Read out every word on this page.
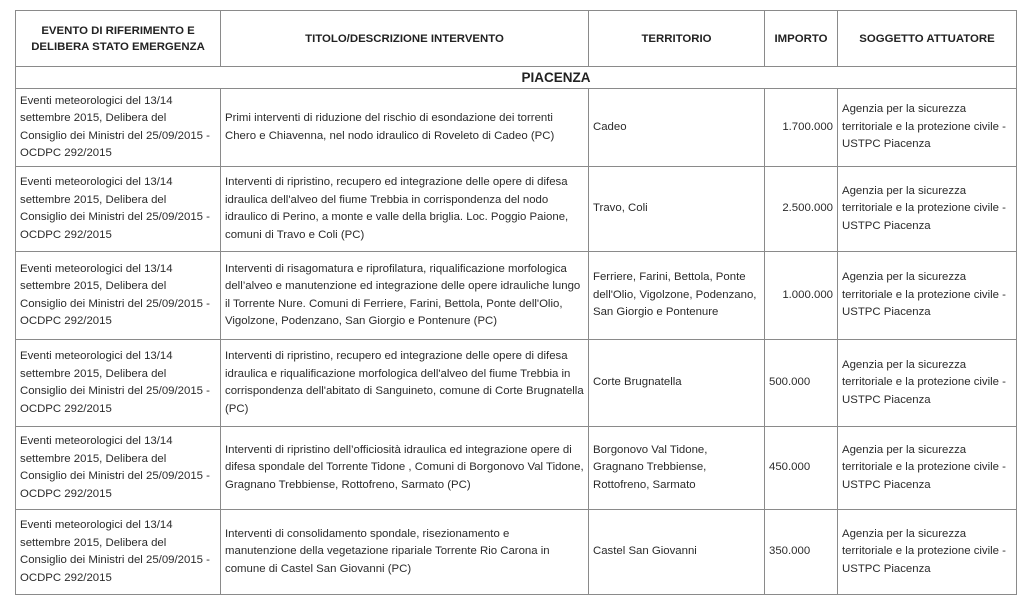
EVENTO DI RIFERIMENTO E DELIBERA STATO EMERGENZA	TITOLO/DESCRIZIONE INTERVENTO	TERRITORIO	IMPORTO	SOGGETTO ATTUATORE
PIACENZA				
Eventi meteorologici del 13/14 settembre 2015, Delibera del Consiglio dei Ministri del 25/09/2015 - OCDPC 292/2015	Primi interventi di riduzione del rischio di esondazione dei torrenti Chero e Chiavenna, nel nodo idraulico di Roveleto di Cadeo (PC)	Cadeo	1.700.000	Agenzia per la sicurezza territoriale e la protezione civile - USTPC Piacenza
Eventi meteorologici del 13/14 settembre 2015, Delibera del Consiglio dei Ministri del 25/09/2015 - OCDPC 292/2015	Interventi di ripristino, recupero ed integrazione delle opere di difesa idraulica dell'alveo del fiume Trebbia in corrispondenza del nodo idraulico di Perino, a monte e valle della briglia. Loc. Poggio Paione, comuni di Travo e Coli (PC)	Travo, Coli	2.500.000	Agenzia per la sicurezza territoriale e la protezione civile - USTPC Piacenza
Eventi meteorologici del 13/14 settembre 2015, Delibera del Consiglio dei Ministri del 25/09/2015 - OCDPC 292/2015	Interventi di risagomatura e riprofilatura, riqualificazione morfologica dell’alveo e manutenzione ed integrazione delle opere idrauliche lungo il Torrente Nure. Comuni di Ferriere, Farini, Bettola, Ponte dell'Olio, Vigolzone, Podenzano, San Giorgio e Pontenure (PC)	Ferriere, Farini, Bettola, Ponte dell'Olio, Vigolzone, Podenzano, San Giorgio e Pontenure	1.000.000	Agenzia per la sicurezza territoriale e la protezione civile - USTPC Piacenza
Eventi meteorologici del 13/14 settembre 2015, Delibera del Consiglio dei Ministri del 25/09/2015 - OCDPC 292/2015	Interventi di ripristino, recupero ed integrazione delle opere di difesa idraulica e riqualificazione morfologica dell'alveo del fiume Trebbia in corrispondenza dell'abitato di Sanguineto, comune di Corte Brugnatella (PC)	Corte Brugnatella	500.000	Agenzia per la sicurezza territoriale e la protezione civile - USTPC Piacenza
Eventi meteorologici del 13/14 settembre 2015, Delibera del Consiglio dei Ministri del 25/09/2015 - OCDPC 292/2015	Interventi di ripristino dell’officiosità idraulica ed integrazione opere di difesa spondale del Torrente Tidone , Comuni di Borgonovo Val Tidone, Gragnano Trebbiense, Rottofreno, Sarmato (PC)	Borgonovo Val Tidone, Gragnano Trebbiense, Rottofreno, Sarmato	450.000	Agenzia per la sicurezza territoriale e la protezione civile - USTPC Piacenza
Eventi meteorologici del 13/14 settembre 2015, Delibera del Consiglio dei Ministri del 25/09/2015 - OCDPC 292/2015	Interventi di consolidamento spondale, risezionamento e manutenzione della vegetazione ripariale Torrente Rio Carona in comune di Castel San Giovanni (PC)	Castel San Giovanni	350.000	Agenzia per la sicurezza territoriale e la protezione civile - USTPC Piacenza
